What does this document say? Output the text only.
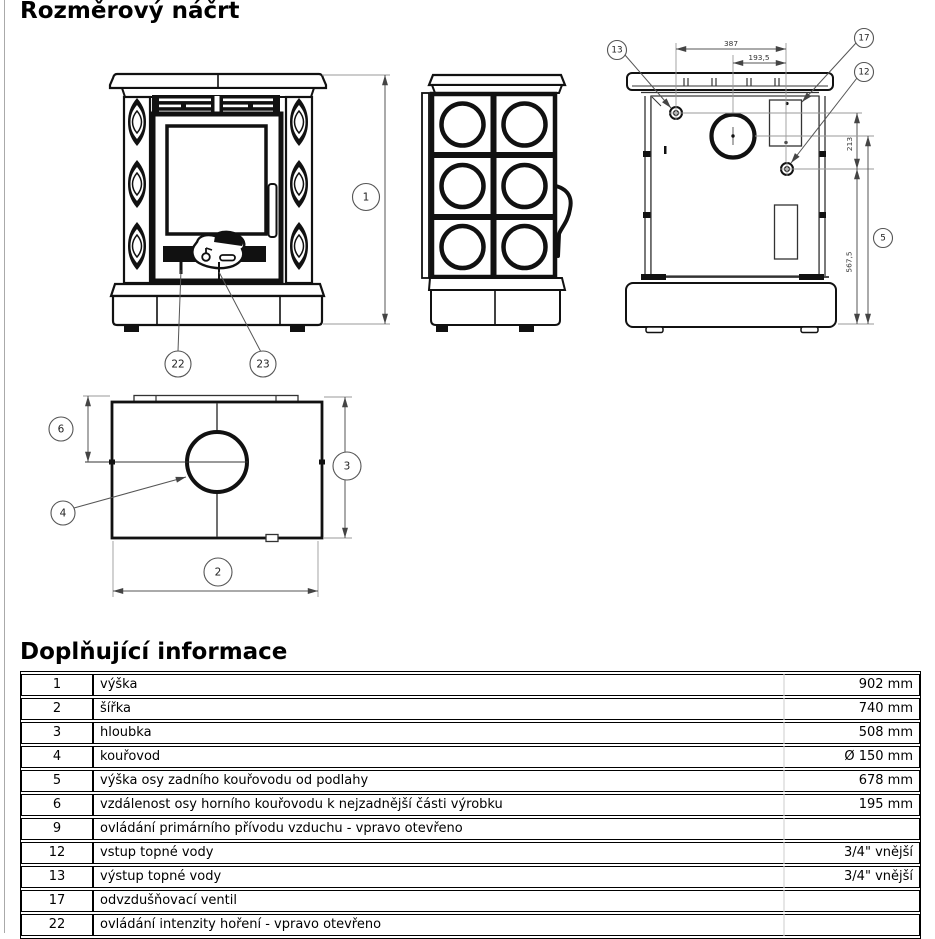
Rozměrový náčrt
1
22	23
387
193,5
213
567,5
5
13
17
12
6
3
2
4
Doplňující informace
1	výška	902 mm
2	šířka	740 mm
3	hloubka	508 mm
4	kouřovod	Ø 150 mm
5	výška osy zadního kouřovodu od podlahy	678 mm
6	vzdálenost osy horního kouřovodu k nejzadnější části výrobku	195 mm
9	ovládání primárního přívodu vzduchu - vpravo otevřeno	
12	vstup topné vody	3/4" vnější
13	výstup topné vody	3/4" vnější
17	odvzdušňovací ventil	
22	ovládání intenzity hoření - vpravo otevřeno	
